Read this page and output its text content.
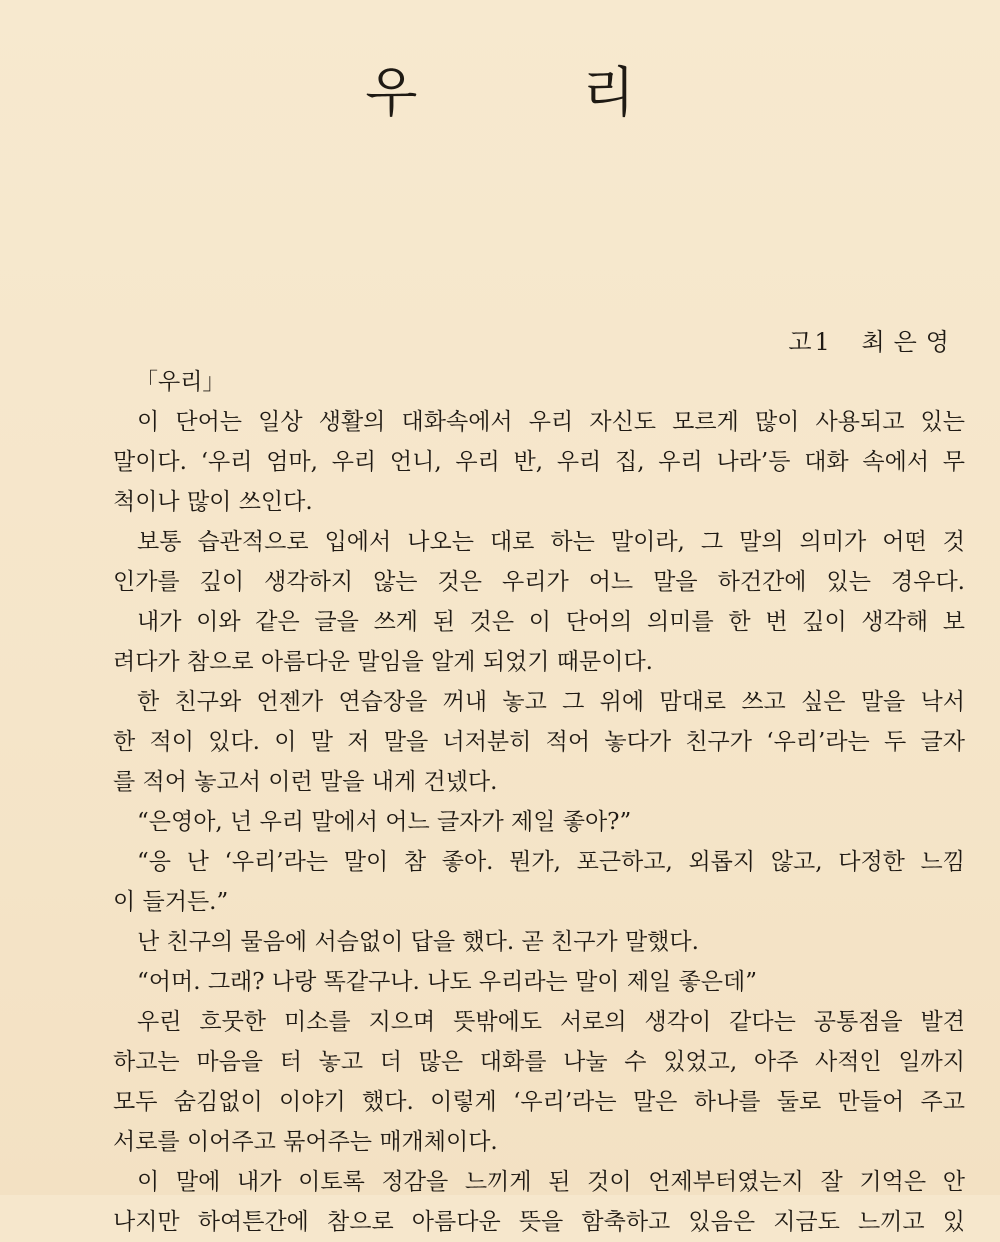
우 리
고1 최은영
「우리」
이 단어는 일상 생활의 대화속에서 우리 자신도 모르게 많이 사용되고 있는
말이다. ‘우리 엄마, 우리 언니, 우리 반, 우리 집, 우리 나라’등 대화 속에서 무
척이나 많이 쓰인다.
보통 습관적으로 입에서 나오는 대로 하는 말이라, 그 말의 의미가 어떤 것
인가를 깊이 생각하지 않는 것은 우리가 어느 말을 하건간에 있는 경우다.
내가 이와 같은 글을 쓰게 된 것은 이 단어의 의미를 한 번 깊이 생각해 보
려다가 참으로 아름다운 말임을 알게 되었기 때문이다.
한 친구와 언젠가 연습장을 꺼내 놓고 그 위에 맘대로 쓰고 싶은 말을 낙서
한 적이 있다. 이 말 저 말을 너저분히 적어 놓다가 친구가 ‘우리’라는 두 글자
를 적어 놓고서 이런 말을 내게 건넸다.
“은영아, 넌 우리 말에서 어느 글자가 제일 좋아?”
“응 난 ‘우리’라는 말이 참 좋아. 뭔가, 포근하고, 외롭지 않고, 다정한 느낌
이 들거든.”
난 친구의 물음에 서슴없이 답을 했다. 곧 친구가 말했다.
“어머. 그래? 나랑 똑같구나. 나도 우리라는 말이 제일 좋은데”
우린 흐뭇한 미소를 지으며 뜻밖에도 서로의 생각이 같다는 공통점을 발견
하고는 마음을 터 놓고 더 많은 대화를 나눌 수 있었고, 아주 사적인 일까지
모두 숨김없이 이야기 했다. 이렇게 ‘우리’라는 말은 하나를 둘로 만들어 주고
서로를 이어주고 묶어주는 매개체이다.
이 말에 내가 이토록 정감을 느끼게 된 것이 언제부터였는지 잘 기억은 안
나지만 하여튼간에 참으로 아름다운 뜻을 함축하고 있음은 지금도 느끼고 있
